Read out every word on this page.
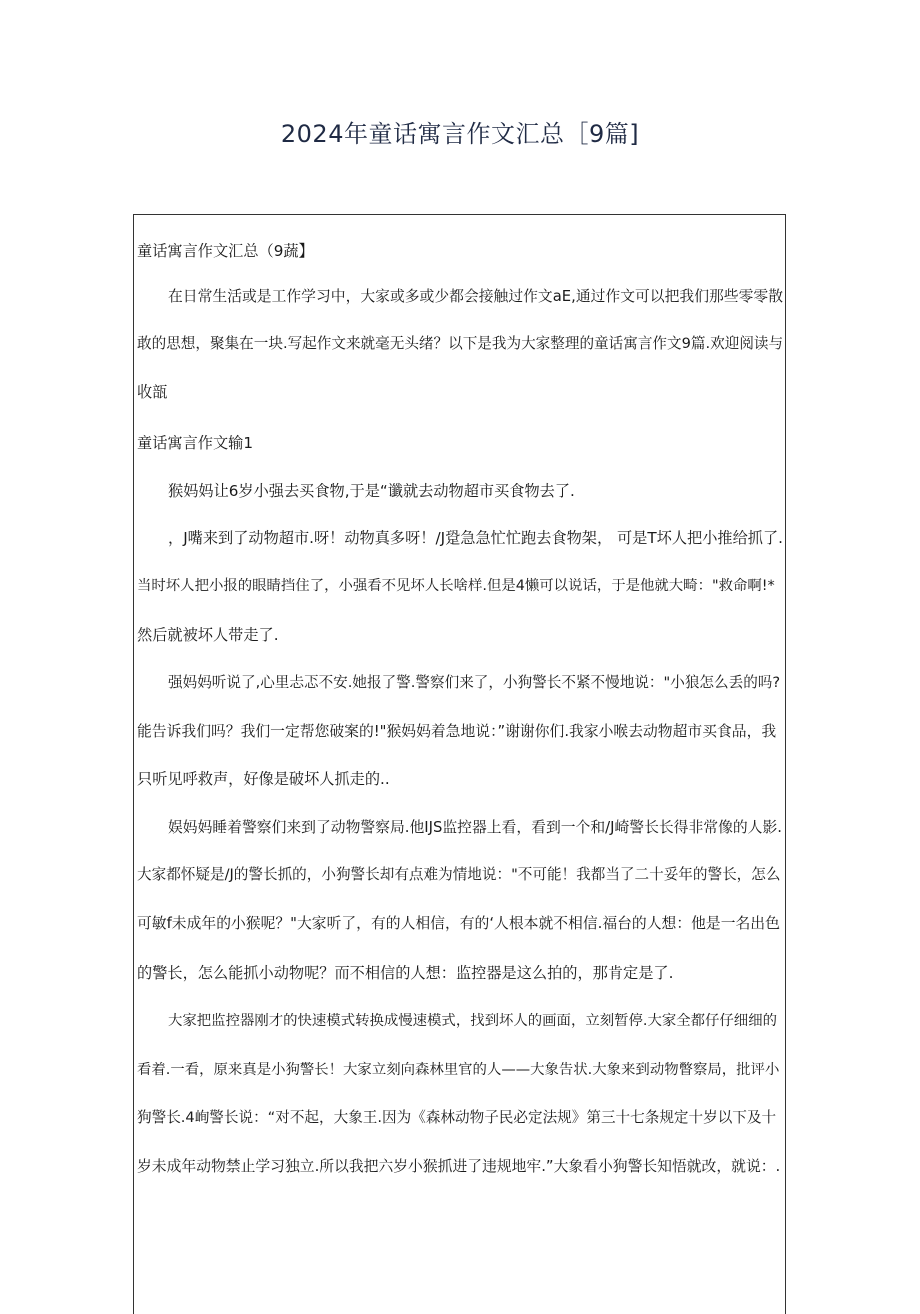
2024年童话寓言作文汇总［9篇]
童话寓言作文汇总（9蔬】
在日常生活或是工作学习中，大家或多或少都会接触过作文aE,通过作文可以把我们那些零零散
敢的思想，聚集在一块.写起作文来就毫无头绪？以下是我为大家整理的童话寓言作文9篇.欢迎阅读与
收瓿
童话寓言作文输1
猴妈妈让6岁小强去买食物,于是“谶就去动物超市买食物去了.
，J嘴来到了动物超市.呀！动物真多呀！/J跫急急忙忙跑去食物架， 可是T坏人把小推给抓了.
当时坏人把小报的眼睛挡住了，小强看不见坏人长啥样.但是4懒可以说话，于是他就大畸："救命啊!*
然后就被坏人带走了.
强妈妈听说了,心里忐忑不安.她报了警.警察们来了，小狗警长不紧不慢地说："小狼怎么丢的吗?
能告诉我们吗？我们一定帮您破案的!"猴妈妈着急地说：”谢谢你们.我家小喉去动物超市买食品，我
只听见呼救声，好像是破坏人抓走的..
娱妈妈睡着警察们来到了动物警察局.他IJS监控器上看，看到一个和/J崎警长长得非常像的人影.
大家都怀疑是/J的警长抓的，小狗警长却有点难为情地说："不可能！我都当了二十妥年的警长，怎么
可敏f未成年的小猴呢？"大家听了，有的人相信，有的‘人根本就不相信.福台的人想：他是一名出色
的警长，怎么能抓小动物呢？而不相信的人想：监控器是这么拍的，那肯定是了.
大家把监控器刚才的快速模式转换成慢速模式，找到坏人的画面，立刻暂停.大家全都仔仔细细的
看着.一看，原来真是小狗警长！大家立刻向森林里官的人——大象告状.大象来到动物瞥察局，批评小
狗警长.4峋警长说：“对不起，大象王.因为《森林动物子民必定法规》第三十七条规定十岁以下及十
岁未成年动物禁止学习独立.所以我把六岁小猴抓进了违规地牢.”大象看小狗警长知悟就改，就说：.
